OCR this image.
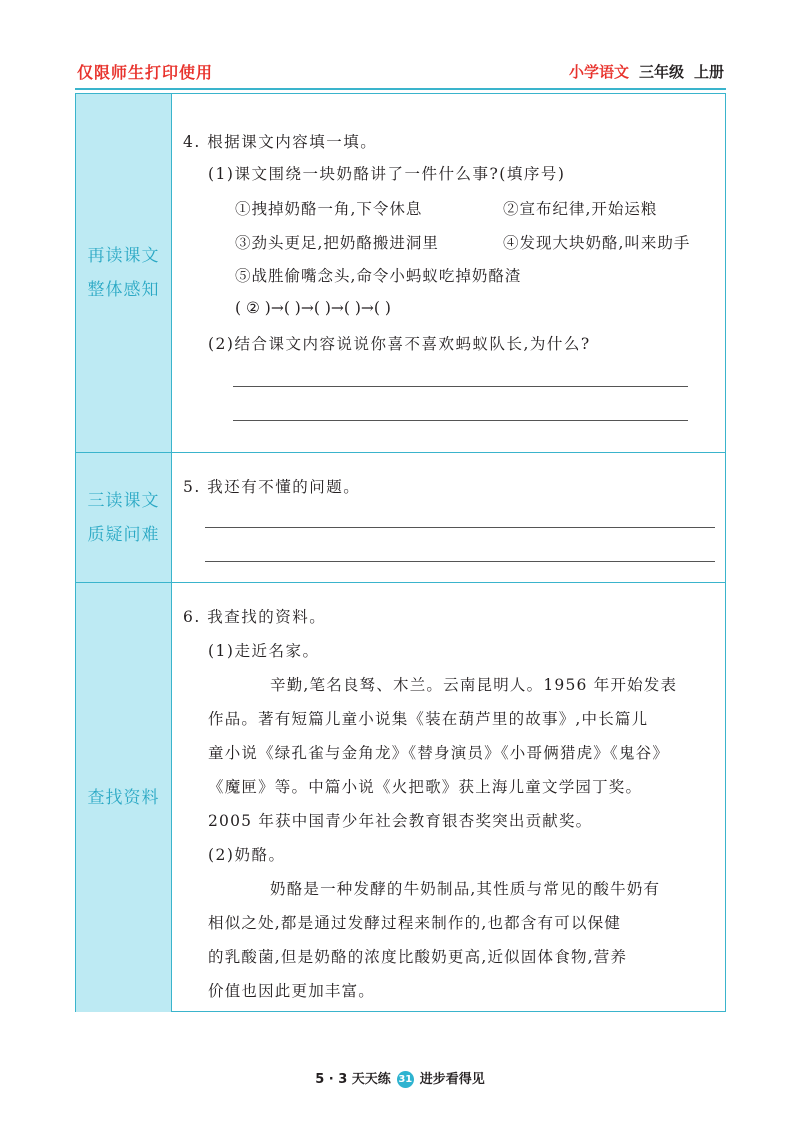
仅限师生打印使用	小学语文 三年级 上册
再读课文
整体感知
4. 根据课文内容填一填。
(1)课文围绕一块奶酪讲了一件什么事?(填序号)
①拽掉奶酪一角,下令休息	②宣布纪律,开始运粮
③劲头更足,把奶酪搬进洞里	④发现大块奶酪,叫来助手
⑤战胜偷嘴念头,命令小蚂蚁吃掉奶酪渣
( ② )→( )→( )→( )→( )
(2)结合课文内容说说你喜不喜欢蚂蚁队长,为什么?
三读课文
质疑问难
5. 我还有不懂的问题。
查找资料
6. 我查找的资料。
(1)走近名家。
辛勤,笔名良驽、木兰。云南昆明人。1956 年开始发表
作品。著有短篇儿童小说集《装在葫芦里的故事》,中长篇儿
童小说《绿孔雀与金角龙》《替身演员》《小哥俩猎虎》《鬼谷》
《魔匣》等。中篇小说《火把歌》获上海儿童文学园丁奖。
2005 年获中国青少年社会教育银杏奖突出贡献奖。
(2)奶酪。
奶酪是一种发酵的牛奶制品,其性质与常见的酸牛奶有
相似之处,都是通过发酵过程来制作的,也都含有可以保健
的乳酸菌,但是奶酪的浓度比酸奶更高,近似固体食物,营养
价值也因此更加丰富。
5 · 3 天天练 31 进步看得见
